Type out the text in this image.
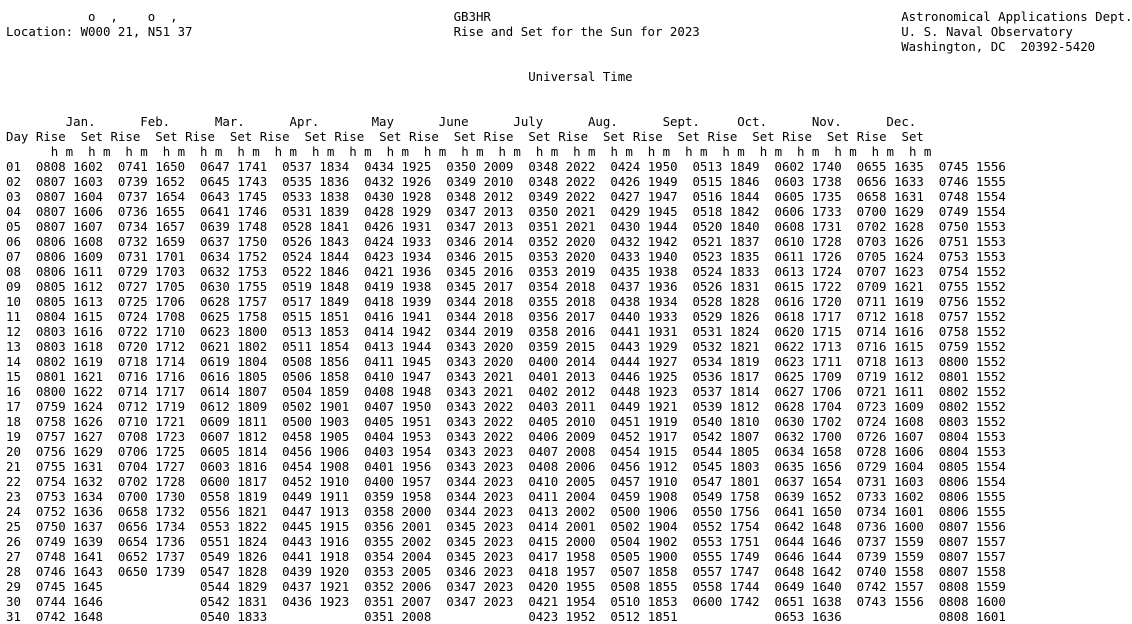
o  ,    o  ,	GB3HR	Astronomical Applications Dept.
Location: W000 21, N51 37	Rise and Set for the Sun for 2023	U. S. Naval Observatory
Washington, DC  20392-5420
Universal Time
Jan.	Feb.	Mar.	Apr.	May	June	July	Aug.	Sept.	Oct.	Nov.	Dec.
Day Rise Set Rise Set Rise Set Rise Set Rise Set Rise Set Rise Set Rise Set Rise Set Rise Set Rise Set Rise Set
h m h m h m h m h m h m h m h m h m h m h m h m h m h m h m h m h m h m h m h m h m h m h m h m
01 0808 1602 0741 1650 0647 1741 0537 1834 0434 1925 0350 2009 0348 2022 0424 1950 0513 1849 0602 1740 0655 1635 0745 1556
02 0807 1603 0739 1652 0645 1743 0535 1836 0432 1926 0349 2010 0348 2022 0426 1949 0515 1846 0603 1738 0656 1633 0746 1555
03 0807 1604 0737 1654 0643 1745 0533 1838 0430 1928 0348 2012 0349 2022 0427 1947 0516 1844 0605 1735 0658 1631 0748 1554
04 0807 1606 0736 1655 0641 1746 0531 1839 0428 1929 0347 2013 0350 2021 0429 1945 0518 1842 0606 1733 0700 1629 0749 1554
05 0807 1607 0734 1657 0639 1748 0528 1841 0426 1931 0347 2013 0351 2021 0430 1944 0520 1840 0608 1731 0702 1628 0750 1553
06 0806 1608 0732 1659 0637 1750 0526 1843 0424 1933 0346 2014 0352 2020 0432 1942 0521 1837 0610 1728 0703 1626 0751 1553
07 0806 1609 0731 1701 0634 1752 0524 1844 0423 1934 0346 2015 0353 2020 0433 1940 0523 1835 0611 1726 0705 1624 0753 1553
08 0806 1611 0729 1703 0632 1753 0522 1846 0421 1936 0345 2016 0353 2019 0435 1938 0524 1833 0613 1724 0707 1623 0754 1552
09 0805 1612 0727 1705 0630 1755 0519 1848 0419 1938 0345 2017 0354 2018 0437 1936 0526 1831 0615 1722 0709 1621 0755 1552
10 0805 1613 0725 1706 0628 1757 0517 1849 0418 1939 0344 2018 0355 2018 0438 1934 0528 1828 0616 1720 0711 1619 0756 1552
11 0804 1615 0724 1708 0625 1758 0515 1851 0416 1941 0344 2018 0356 2017 0440 1933 0529 1826 0618 1717 0712 1618 0757 1552
12 0803 1616 0722 1710 0623 1800 0513 1853 0414 1942 0344 2019 0358 2016 0441 1931 0531 1824 0620 1715 0714 1616 0758 1552
13 0803 1618 0720 1712 0621 1802 0511 1854 0413 1944 0343 2020 0359 2015 0443 1929 0532 1821 0622 1713 0716 1615 0759 1552
14 0802 1619 0718 1714 0619 1804 0508 1856 0411 1945 0343 2020 0400 2014 0444 1927 0534 1819 0623 1711 0718 1613 0800 1552
15 0801 1621 0716 1716 0616 1805 0506 1858 0410 1947 0343 2021 0401 2013 0446 1925 0536 1817 0625 1709 0719 1612 0801 1552
16 0800 1622 0714 1717 0614 1807 0504 1859 0408 1948 0343 2021 0402 2012 0448 1923 0537 1814 0627 1706 0721 1611 0802 1552
17 0759 1624 0712 1719 0612 1809 0502 1901 0407 1950 0343 2022 0403 2011 0449 1921 0539 1812 0628 1704 0723 1609 0802 1552
18 0758 1626 0710 1721 0609 1811 0500 1903 0405 1951 0343 2022 0405 2010 0451 1919 0540 1810 0630 1702 0724 1608 0803 1552
19 0757 1627 0708 1723 0607 1812 0458 1905 0404 1953 0343 2022 0406 2009 0452 1917 0542 1807 0632 1700 0726 1607 0804 1553
20 0756 1629 0706 1725 0605 1814 0456 1906 0403 1954 0343 2023 0407 2008 0454 1915 0544 1805 0634 1658 0728 1606 0804 1553
21 0755 1631 0704 1727 0603 1816 0454 1908 0401 1956 0343 2023 0408 2006 0456 1912 0545 1803 0635 1656 0729 1604 0805 1554
22 0754 1632 0702 1728 0600 1817 0452 1910 0400 1957 0344 2023 0410 2005 0457 1910 0547 1801 0637 1654 0731 1603 0806 1554
23 0753 1634 0700 1730 0558 1819 0449 1911 0359 1958 0344 2023 0411 2004 0459 1908 0549 1758 0639 1652 0733 1602 0806 1555
24 0752 1636 0658 1732 0556 1821 0447 1913 0358 2000 0344 2023 0413 2002 0500 1906 0550 1756 0641 1650 0734 1601 0806 1555
25 0750 1637 0656 1734 0553 1822 0445 1915 0356 2001 0345 2023 0414 2001 0502 1904 0552 1754 0642 1648 0736 1600 0807 1556
26 0749 1639 0654 1736 0551 1824 0443 1916 0355 2002 0345 2023 0415 2000 0504 1902 0553 1751 0644 1646 0737 1559 0807 1557
27 0748 1641 0652 1737 0549 1826 0441 1918 0354 2004 0345 2023 0417 1958 0505 1900 0555 1749 0646 1644 0739 1559 0807 1557
28 0746 1643 0650 1739 0547 1828 0439 1920 0353 2005 0346 2023 0418 1957 0507 1858 0557 1747 0648 1642 0740 1558 0807 1558
29 0745 1645	0544 1829 0437 1921 0352 2006 0347 2023 0420 1955 0508 1855 0558 1744 0649 1640 0742 1557 0808 1559
30 0744 1646	0542 1831 0436 1923 0351 2007 0347 2023 0421 1954 0510 1853 0600 1742 0651 1638 0743 1556 0808 1600
31 0742 1648	0540 1833	0351 2008	0423 1952 0512 1851	0653 1636	0808 1601
